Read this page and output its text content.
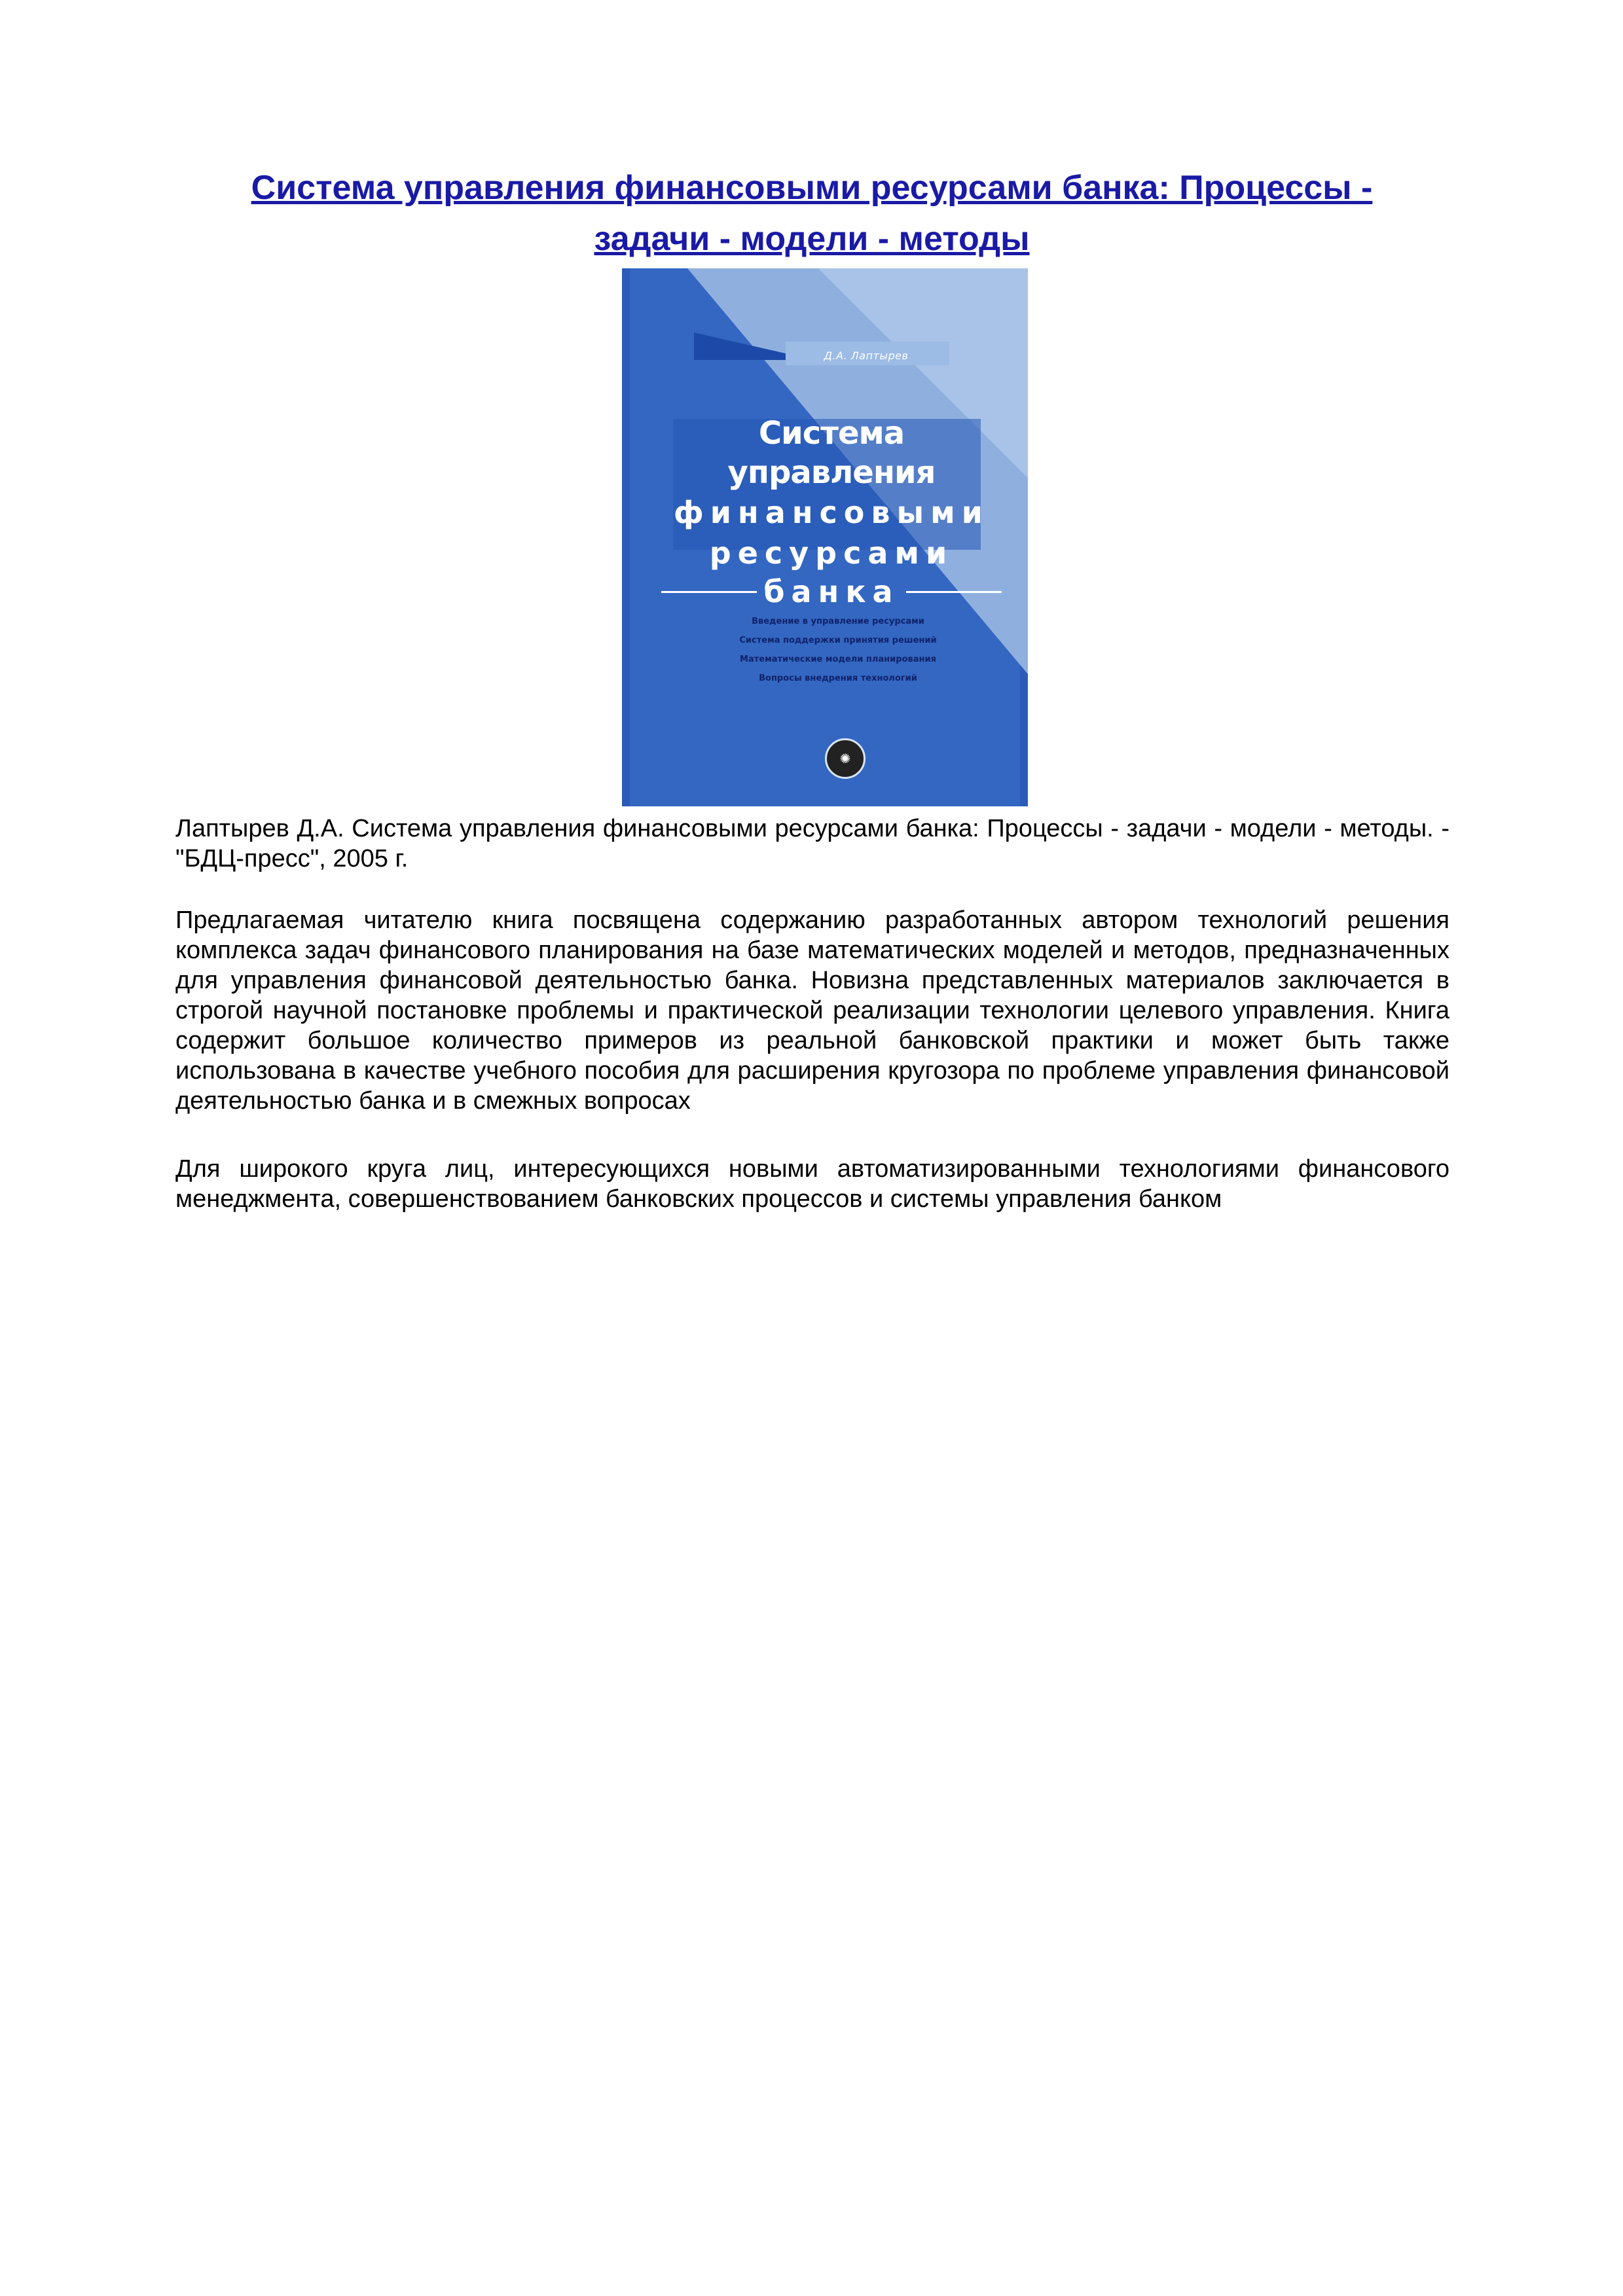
Система управления финансовыми ресурсами банка: Процессы -
задачи - модели - методы
Д.А. Лаптырев
Система управления
финансовыми
ресурсами
банка
Введение в управление ресурсами
Система поддержки принятия решений
Математические модели планирования
Вопросы внедрения технологий
✺

Лаптырев Д.А. Система управления финансовыми ресурсами банка: Процессы - задачи - модели - методы. - "БДЦ-пресс", 2005 г.

Предлагаемая читателю книга посвящена содержанию разработанных автором технологий решения комплекса задач финансового планирования на базе математических моделей и методов, предназначенных для управления финансовой деятельностью банка. Новизна представленных материалов заключается в строгой научной постановке проблемы и практической реализации технологии целевого управления. Книга содержит большое количество примеров из реальной банковской практики и может быть также использована в качестве учебного пособия для расширения кругозора по проблеме управления финансовой деятельностью банка и в смежных вопросах

Для широкого круга лиц, интересующихся новыми автоматизированными технологиями финансового менеджмента, совершенствованием банковских процессов и системы управления банком
